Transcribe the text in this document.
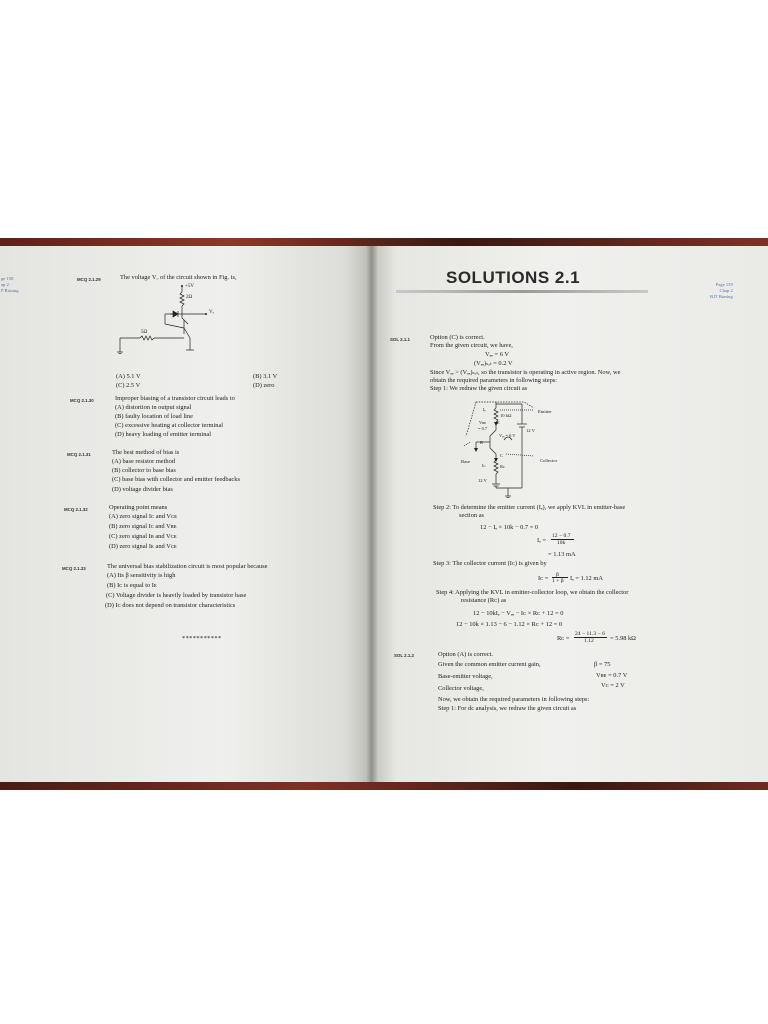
ge 158
ap 2
P Biasing
MCQ 2.1.29	The voltage Vₒ of the circuit shown in Fig. is,
+5V
2Ω
Vₒ
5Ω
(A) 5.1 V	(B) 3.1 V
(C) 2.5 V	(D) zero
MCQ 2.1.30	Improper biasing of a transistor circuit leads to
(A) distortion in output signal
(B) faulty location of load line
(C) excessive heating at collector terminal
(D) heavy loading of emitter terminal
MCQ 2.1.31	The best method of bias is
(A) base resistor method
(B) collector to base bias
(C) base bias with collector and emitter feedbacks
(D) voltage divider bias
MCQ 2.1.32	Operating point means
(A) zero signal Iᴄ and Vᴄᴇ
(B) zero signal Iᴄ and Vʙᴇ
(C) zero signal Iʙ and Vᴄᴇ
(D) zero signal Iᴇ and Vᴄᴇ
MCQ 2.1.33	The universal bias stabilization circuit is most popular because
(A) Its β sensitivity is high
(B) Iᴄ is equal to Iᴇ
(C) Voltage divider is heavily loaded by transistor base
(D) Iᴄ does not depend on transistor characteristics
***********
SOLUTIONS 2.1	Page 159
Chap 2
BJT Biasing
SOL 2.1.1	Option (C) is correct.
From the given circuit, we have,
Vₑₑ = 6 V
(Vₑₑ)ₛₐₜ = 0.2 V
Since Vₑₑ > (Vₑₑ)ₛₐₜ, so the transistor is operating in active region. Now, we
obtain the required parameters in following steps:
Step 1: We redraw the given circuit as
Iₑ
10 kΩ
Emitter
12 V
Vʙᴇ E
= 0.7
Vₑₑ = 6 V
B
C
Base	Collector
Iᴄ	Rᴄ
12 V
Step 2: To determine the emitter current (Iₑ), we apply KVL in emitter-base
section as
12 − Iₑ × 10k − 0.7 = 0
Iₑ =
12 − 0.7
10k
= 1.13 mA
Step 3: The collector current (Iᴄ) is given by
Iᴄ = β
1 + β Iₑ = 1.12 mA
Step 4: Applying the KVL in emitter-collector loop, we obtain the collector
resistance (Rᴄ) as
12 − 10kIₑ − Vₑₑ − Iᴄ × Rᴄ + 12 = 0
12 − 10k × 1.13 − 6 − 1.12 × Rᴄ + 12 = 0
Rᴄ =
24 − 11.3 − 6
1.12	= 5.98 kΩ
SOL 2.1.2	Option (A) is correct.
Given the common emitter current gain,	β = 75
Base-emitter voltage,	Vʙᴇ = 0.7 V
Collector voltage,	Vᴄ = 2 V
Now, we obtain the required parameters in following steps:
Step 1: For dc analysis, we redraw the given circuit as
